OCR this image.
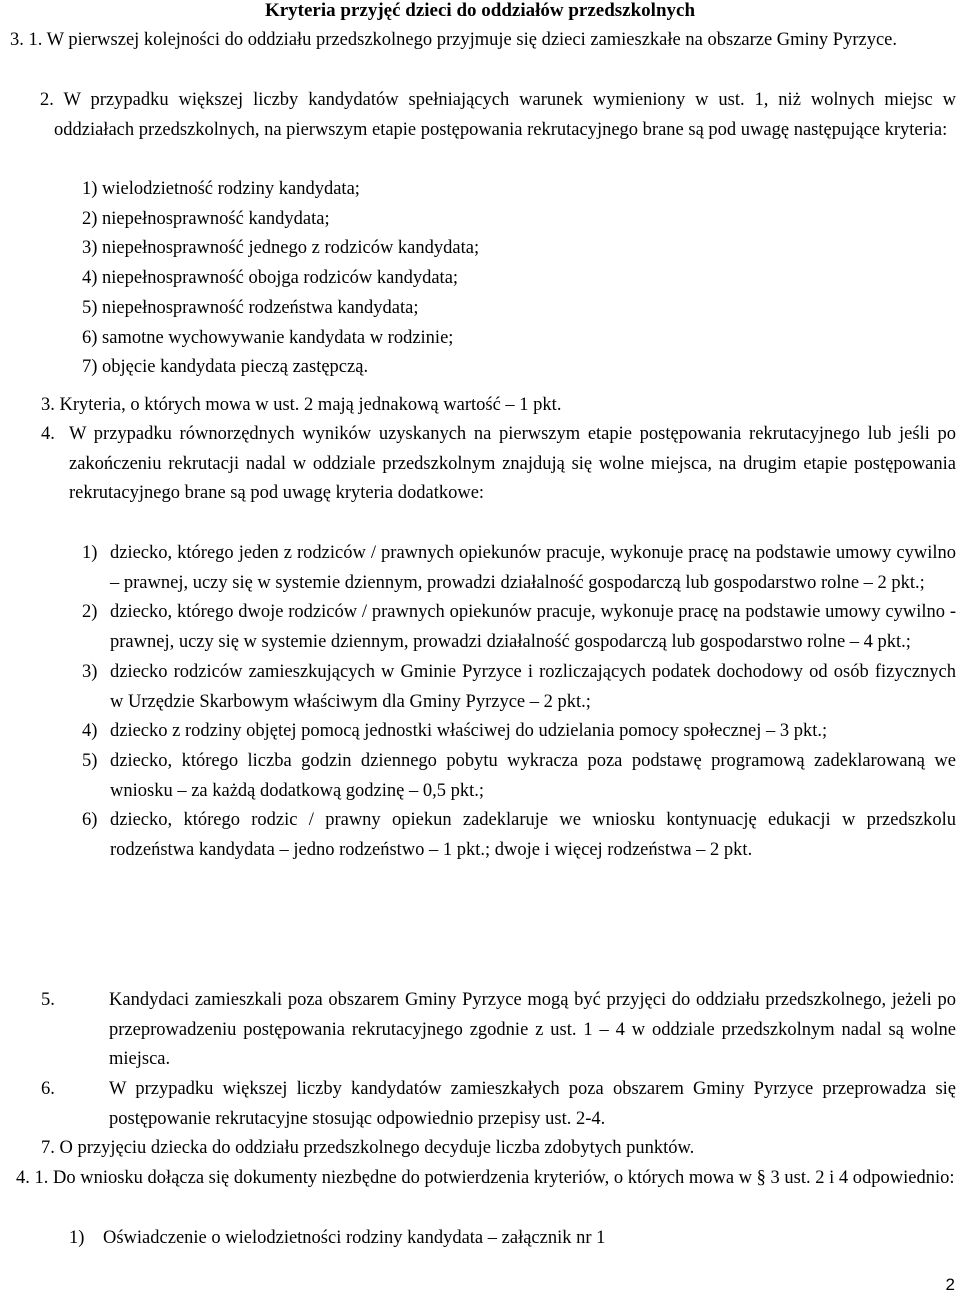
Kryteria przyjęć dzieci do oddziałów przedszkolnych

3. 1. W pierwszej kolejności do oddziału przedszkolnego przyjmuje się dzieci zamieszkałe na obszarze Gminy Pyrzyce.

2. W przypadku większej liczby kandydatów spełniających warunek wymieniony w ust. 1, niż wolnych miejsc w oddziałach przedszkolnych, na pierwszym etapie postępowania rekrutacyjnego brane są pod uwagę następujące kryteria:

1) wielodzietność rodziny kandydata;
2) niepełnosprawność kandydata;
3) niepełnosprawność jednego z rodziców kandydata;
4) niepełnosprawność obojga rodziców kandydata;
5) niepełnosprawność rodzeństwa kandydata;
6) samotne wychowywanie kandydata w rodzinie;
7) objęcie kandydata pieczą zastępczą.
3. Kryteria, o których mowa w ust. 2 mają jednakową wartość – 1 pkt.
4. W przypadku równorzędnych wyników uzyskanych na pierwszym etapie postępowania rekrutacyjnego lub jeśli po zakończeniu rekrutacji nadal w oddziale przedszkolnym znajdują się wolne miejsca, na drugim etapie postępowania rekrutacyjnego brane są pod uwagę kryteria dodatkowe:
1) dziecko, którego jeden z rodziców / prawnych opiekunów pracuje, wykonuje pracę na podstawie umowy cywilno – prawnej, uczy się w systemie dziennym, prowadzi działalność gospodarczą lub gospodarstwo rolne – 2 pkt.;
2) dziecko, którego dwoje rodziców / prawnych opiekunów pracuje, wykonuje pracę na podstawie umowy cywilno - prawnej, uczy się w systemie dziennym, prowadzi działalność gospodarczą lub gospodarstwo rolne – 4 pkt.;
3) dziecko rodziców zamieszkujących w Gminie Pyrzyce i rozliczających podatek dochodowy od osób fizycznych w Urzędzie Skarbowym właściwym dla Gminy Pyrzyce – 2 pkt.;
4) dziecko z rodziny objętej pomocą jednostki właściwej do udzielania pomocy społecznej – 3 pkt.;
5) dziecko, którego liczba godzin dziennego pobytu wykracza poza podstawę programową zadeklarowaną we wniosku – za każdą dodatkową godzinę – 0,5 pkt.;
6) dziecko, którego rodzic / prawny opiekun zadeklaruje we wniosku kontynuację edukacji w przedszkolu rodzeństwa kandydata – jedno rodzeństwo – 1 pkt.; dwoje i więcej rodzeństwa – 2 pkt.
5.	Kandydaci zamieszkali poza obszarem Gminy Pyrzyce mogą być przyjęci do oddziału przedszkolnego, jeżeli po przeprowadzeniu postępowania rekrutacyjnego zgodnie z ust. 1 – 4 w oddziale przedszkolnym nadal są wolne miejsca.
6.	W przypadku większej liczby kandydatów zamieszkałych poza obszarem Gminy Pyrzyce przeprowadza się postępowanie rekrutacyjne stosując odpowiednio przepisy ust. 2-4.
7. O przyjęciu dziecka do oddziału przedszkolnego decyduje liczba zdobytych punktów.

4. 1. Do wniosku dołącza się dokumenty niezbędne do potwierdzenia kryteriów, o których mowa w § 3 ust. 2 i 4 odpowiednio:

1)	Oświadczenie o wielodzietności rodziny kandydata – załącznik nr 1
2
